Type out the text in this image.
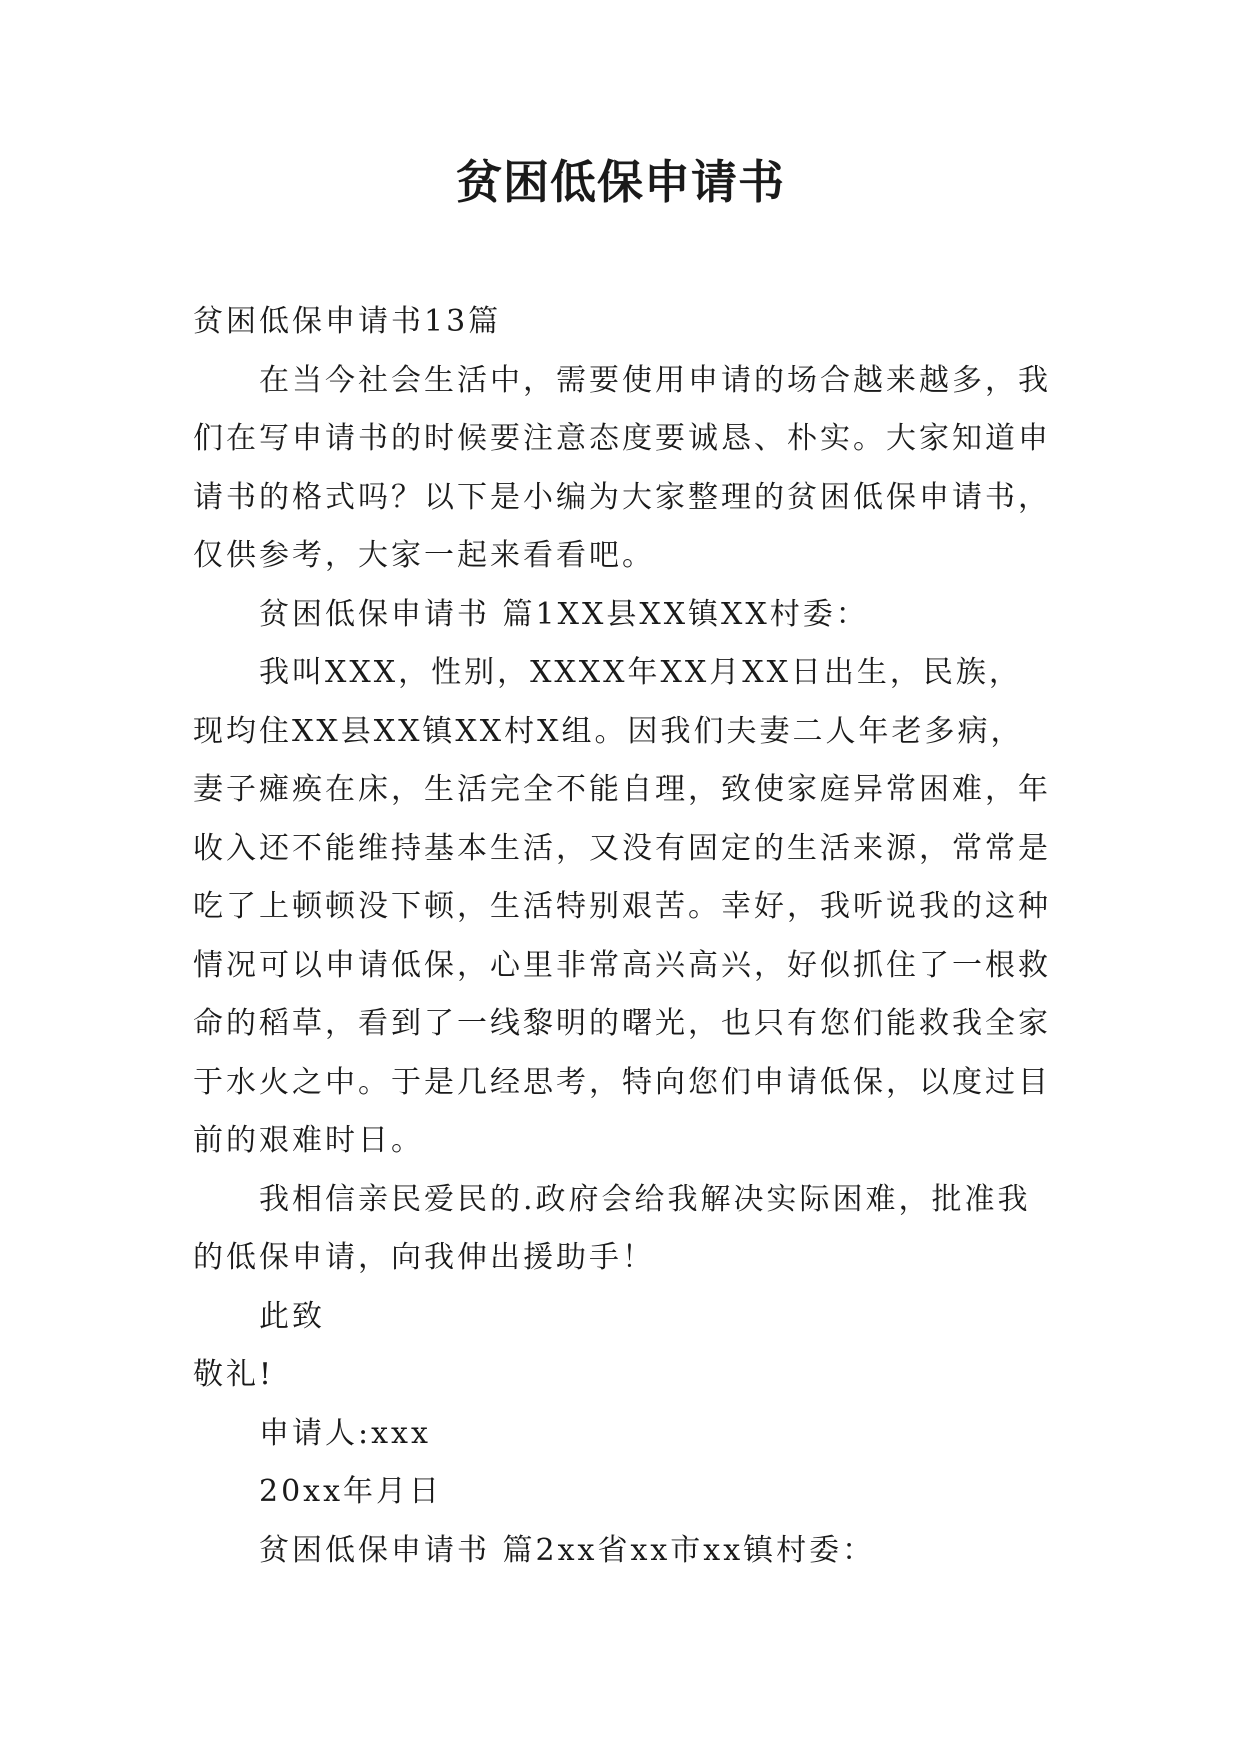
贫困低保申请书

贫困低保申请书13篇

在当今社会生活中，需要使用申请的场合越来越多，我们在写申请书的时候要注意态度要诚恳、朴实。大家知道申请书的格式吗？以下是小编为大家整理的贫困低保申请书，仅供参考，大家一起来看看吧。

贫困低保申请书 篇1XX县XX镇XX村委：

我叫XXX，性别，XXXX年XX月XX日出生，民族，现均住XX县XX镇XX村X组。因我们夫妻二人年老多病，妻子瘫痪在床，生活完全不能自理，致使家庭异常困难，年收入还不能维持基本生活，又没有固定的生活来源，常常是吃了上顿顿没下顿，生活特别艰苦。幸好，我听说我的这种情况可以申请低保，心里非常高兴高兴，好似抓住了一根救命的稻草，看到了一线黎明的曙光，也只有您们能救我全家于水火之中。于是几经思考，特向您们申请低保，以度过目前的艰难时日。

我相信亲民爱民的.政府会给我解决实际困难，批准我的低保申请，向我伸出援助手！

此致

敬礼!

申请人:xxx

20xx年月日

贫困低保申请书 篇2xx省xx市xx镇村委：
